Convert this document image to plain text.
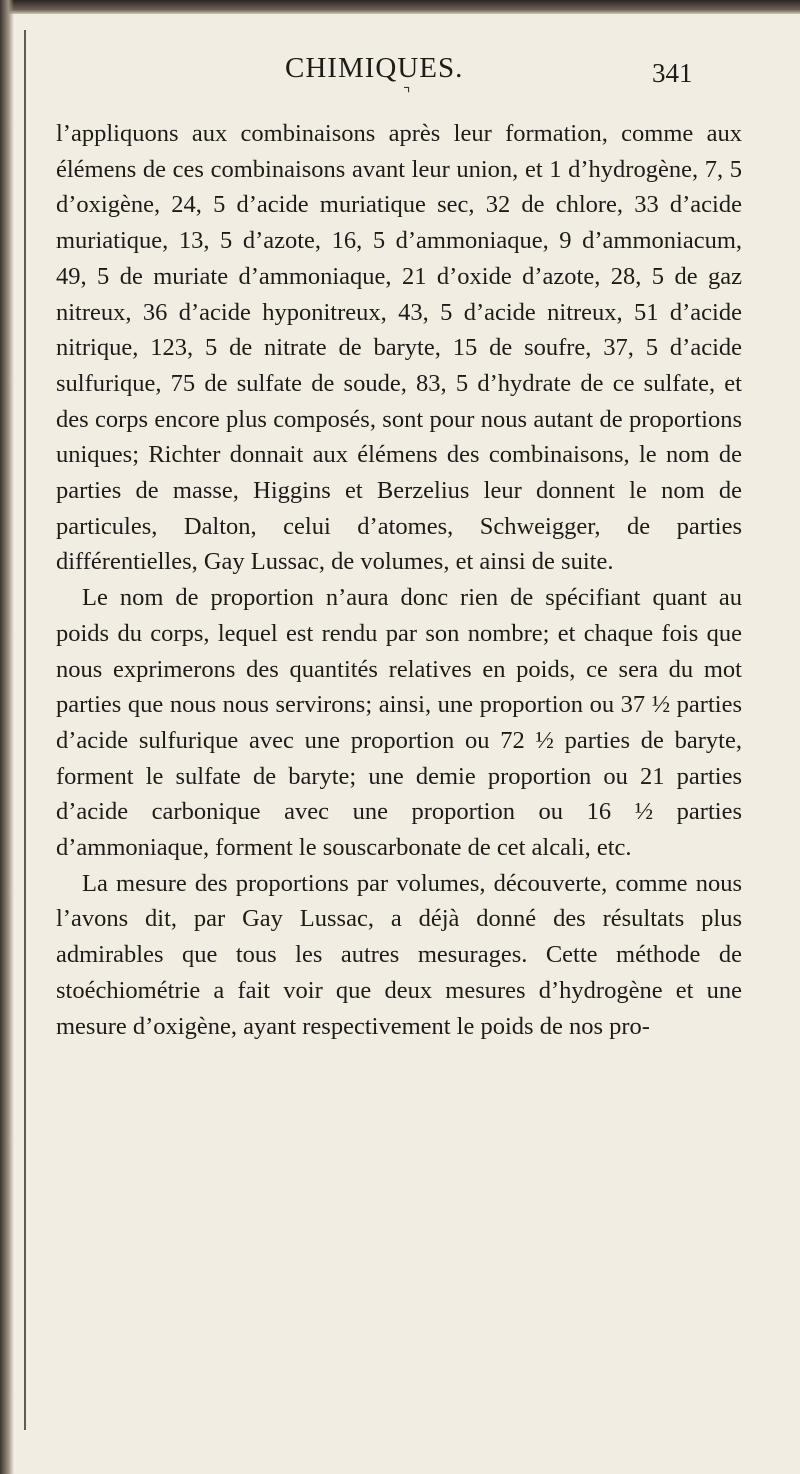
CHIMIQUES.
⌝
341

l’appliquons aux combinaisons après leur formation, comme aux élémens de ces combinaisons avant leur union, et 1 d’hydrogène, 7, 5 d’oxigène, 24, 5 d’acide muriatique sec, 32 de chlore, 33 d’acide muriatique, 13, 5 d’azote, 16, 5 d’ammoniaque, 9 d’ammoniacum, 49, 5 de muriate d’ammoniaque, 21 d’oxide d’azote, 28, 5 de gaz nitreux, 36 d’acide hyponitreux, 43, 5 d’acide nitreux, 51 d’acide nitrique, 123, 5 de nitrate de baryte, 15 de soufre, 37, 5 d’acide sulfurique, 75 de sulfate de soude, 83, 5 d’hydrate de ce sulfate, et des corps encore plus composés, sont pour nous autant de proportions uniques; Richter donnait aux élémens des combinaisons, le nom de parties de masse, Higgins et Berzelius leur donnent le nom de particules, Dalton, celui d’atomes, Schweigger, de parties différentielles, Gay Lussac, de volumes, et ainsi de suite.

Le nom de proportion n’aura donc rien de spécifiant quant au poids du corps, lequel est rendu par son nombre; et chaque fois que nous exprimerons des quantités relatives en poids, ce sera du mot parties que nous nous servirons; ainsi, une proportion ou 37 ½ parties d’acide sulfurique avec une proportion ou 72 ½ parties de baryte, forment le sulfate de baryte; une demie proportion ou 21 parties d’acide carbonique avec une proportion ou 16 ½ parties d’ammoniaque, forment le souscarbonate de cet alcali, etc.

La mesure des proportions par volumes, découverte, comme nous l’avons dit, par Gay Lussac, a déjà donné des résultats plus admirables que tous les autres mesurages. Cette méthode de stoéchiométrie a fait voir que deux mesures d’hydrogène et une mesure d’oxigène, ayant respectivement le poids de nos pro-
